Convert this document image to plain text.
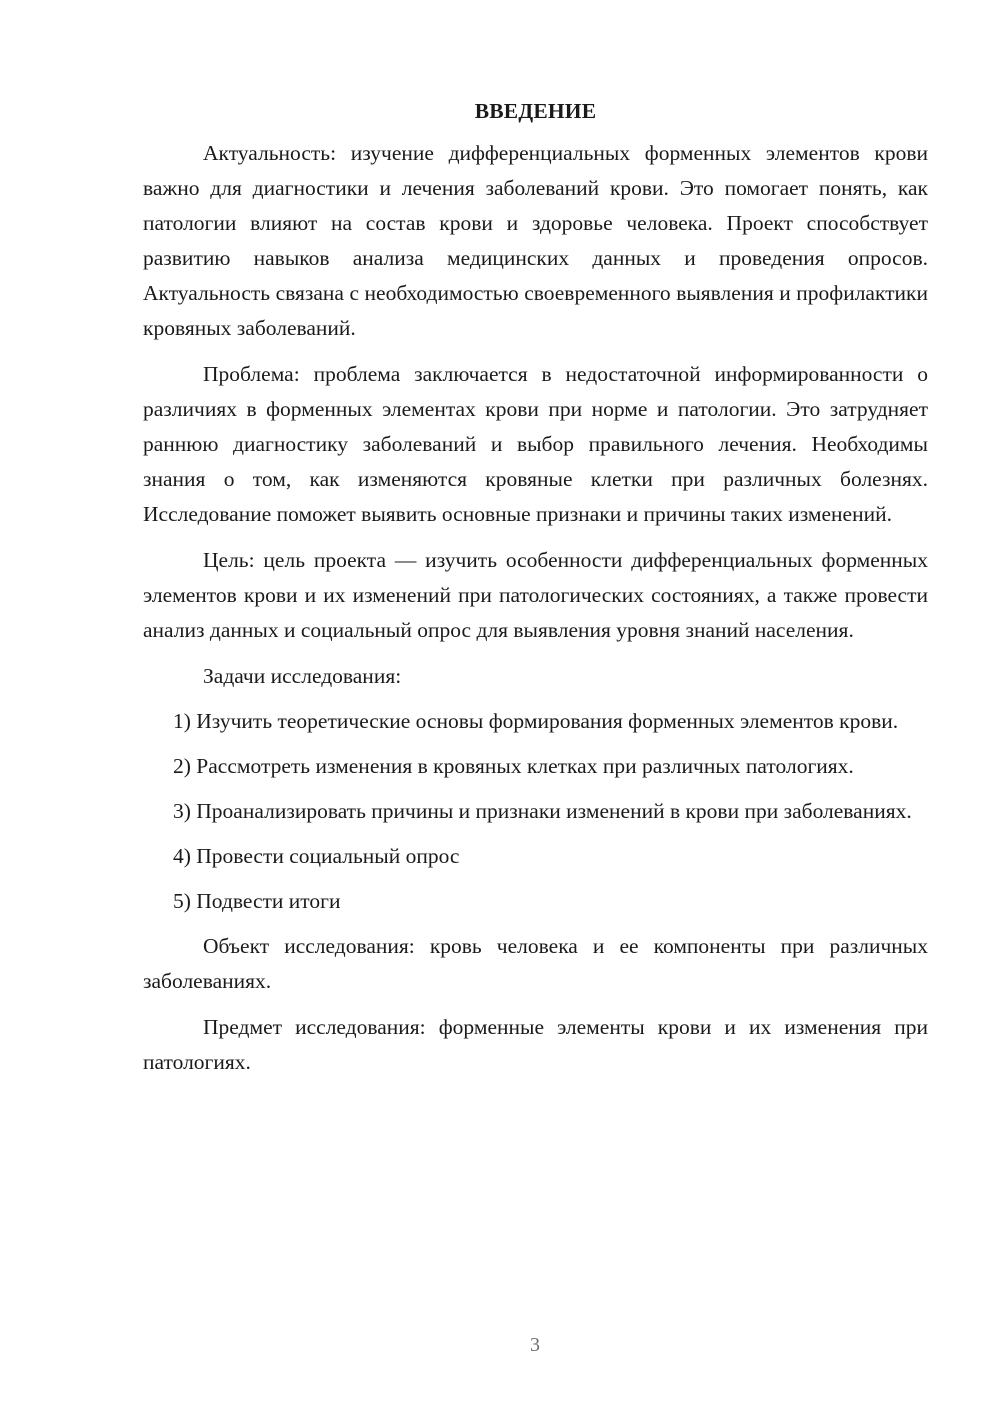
ВВЕДЕНИЕ

Актуальность: изучение дифференциальных форменных элементов крови важно для диагностики и лечения заболеваний крови. Это помогает понять, как патологии влияют на состав крови и здоровье человека. Проект способствует развитию навыков анализа медицинских данных и проведения опросов. Актуальность связана с необходимостью своевременного выявления и профилактики кровяных заболеваний.

Проблема: проблема заключается в недостаточной информированности о различиях в форменных элементах крови при норме и патологии. Это затрудняет раннюю диагностику заболеваний и выбор правильного лечения. Необходимы знания о том, как изменяются кровяные клетки при различных болезнях. Исследование поможет выявить основные признаки и причины таких изменений.

Цель: цель проекта — изучить особенности дифференциальных форменных элементов крови и их изменений при патологических состояниях, а также провести анализ данных и социальный опрос для выявления уровня знаний населения.

Задачи исследования:

1) Изучить теоретические основы формирования форменных элементов крови.

2) Рассмотреть изменения в кровяных клетках при различных патологиях.

3) Проанализировать причины и признаки изменений в крови при заболеваниях.

4) Провести социальный опрос

5) Подвести итоги

Объект исследования: кровь человека и ее компоненты при различных заболеваниях.

Предмет исследования: форменные элементы крови и их изменения при патологиях.

3
